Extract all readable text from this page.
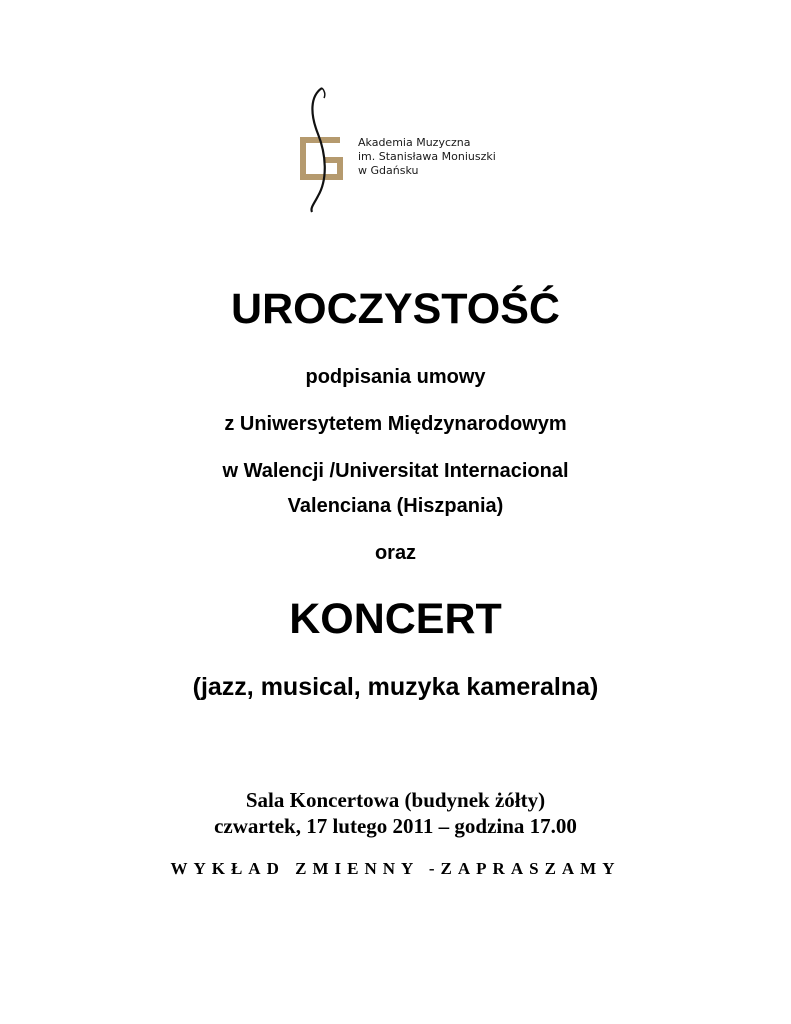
Akademia Muzyczna
im. Stanisława Moniuszki
w Gdańsku
UROCZYSTOŚĆ
podpisania umowy
z Uniwersytetem Międzynarodowym
w Walencji /Universitat Internacional
Valenciana (Hiszpania)
oraz
KONCERT
(jazz, musical, muzyka kameralna)
Sala Koncertowa (budynek żółty)
czwartek, 17 lutego 2011 – godzina 17.00
WYKŁAD ZMIENNY -ZAPRASZAMY
